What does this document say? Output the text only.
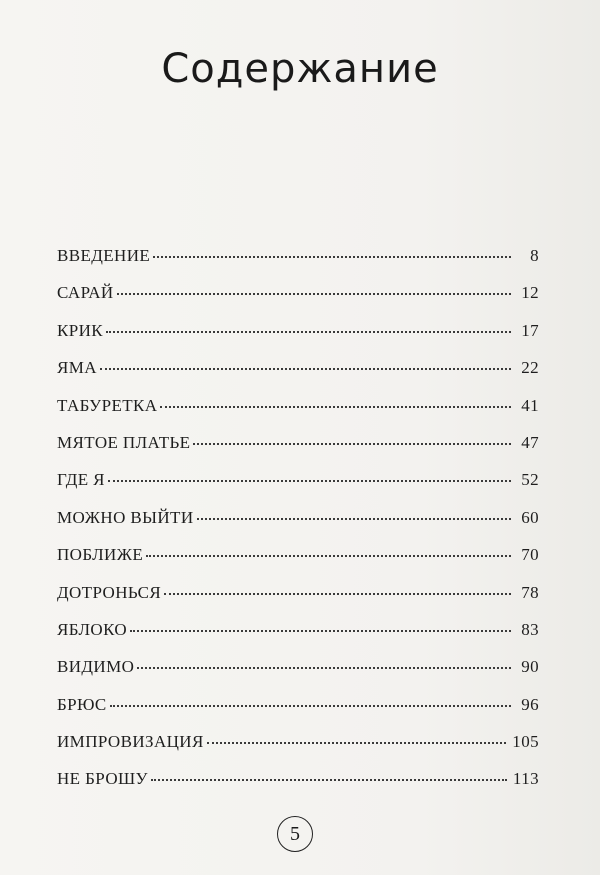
Содержание
ВВЕДЕНИЕ	8
САРАЙ	12
КРИК	17
ЯМА	22
ТАБУРЕТКА	41
МЯТОЕ ПЛАТЬЕ	47
ГДЕ Я	52
МОЖНО ВЫЙТИ	60
ПОБЛИЖЕ	70
ДОТРОНЬСЯ	78
ЯБЛОКО	83
ВИДИМО	90
БРЮС	96
ИМПРОВИЗАЦИЯ	105
НЕ БРОШУ	113
5
